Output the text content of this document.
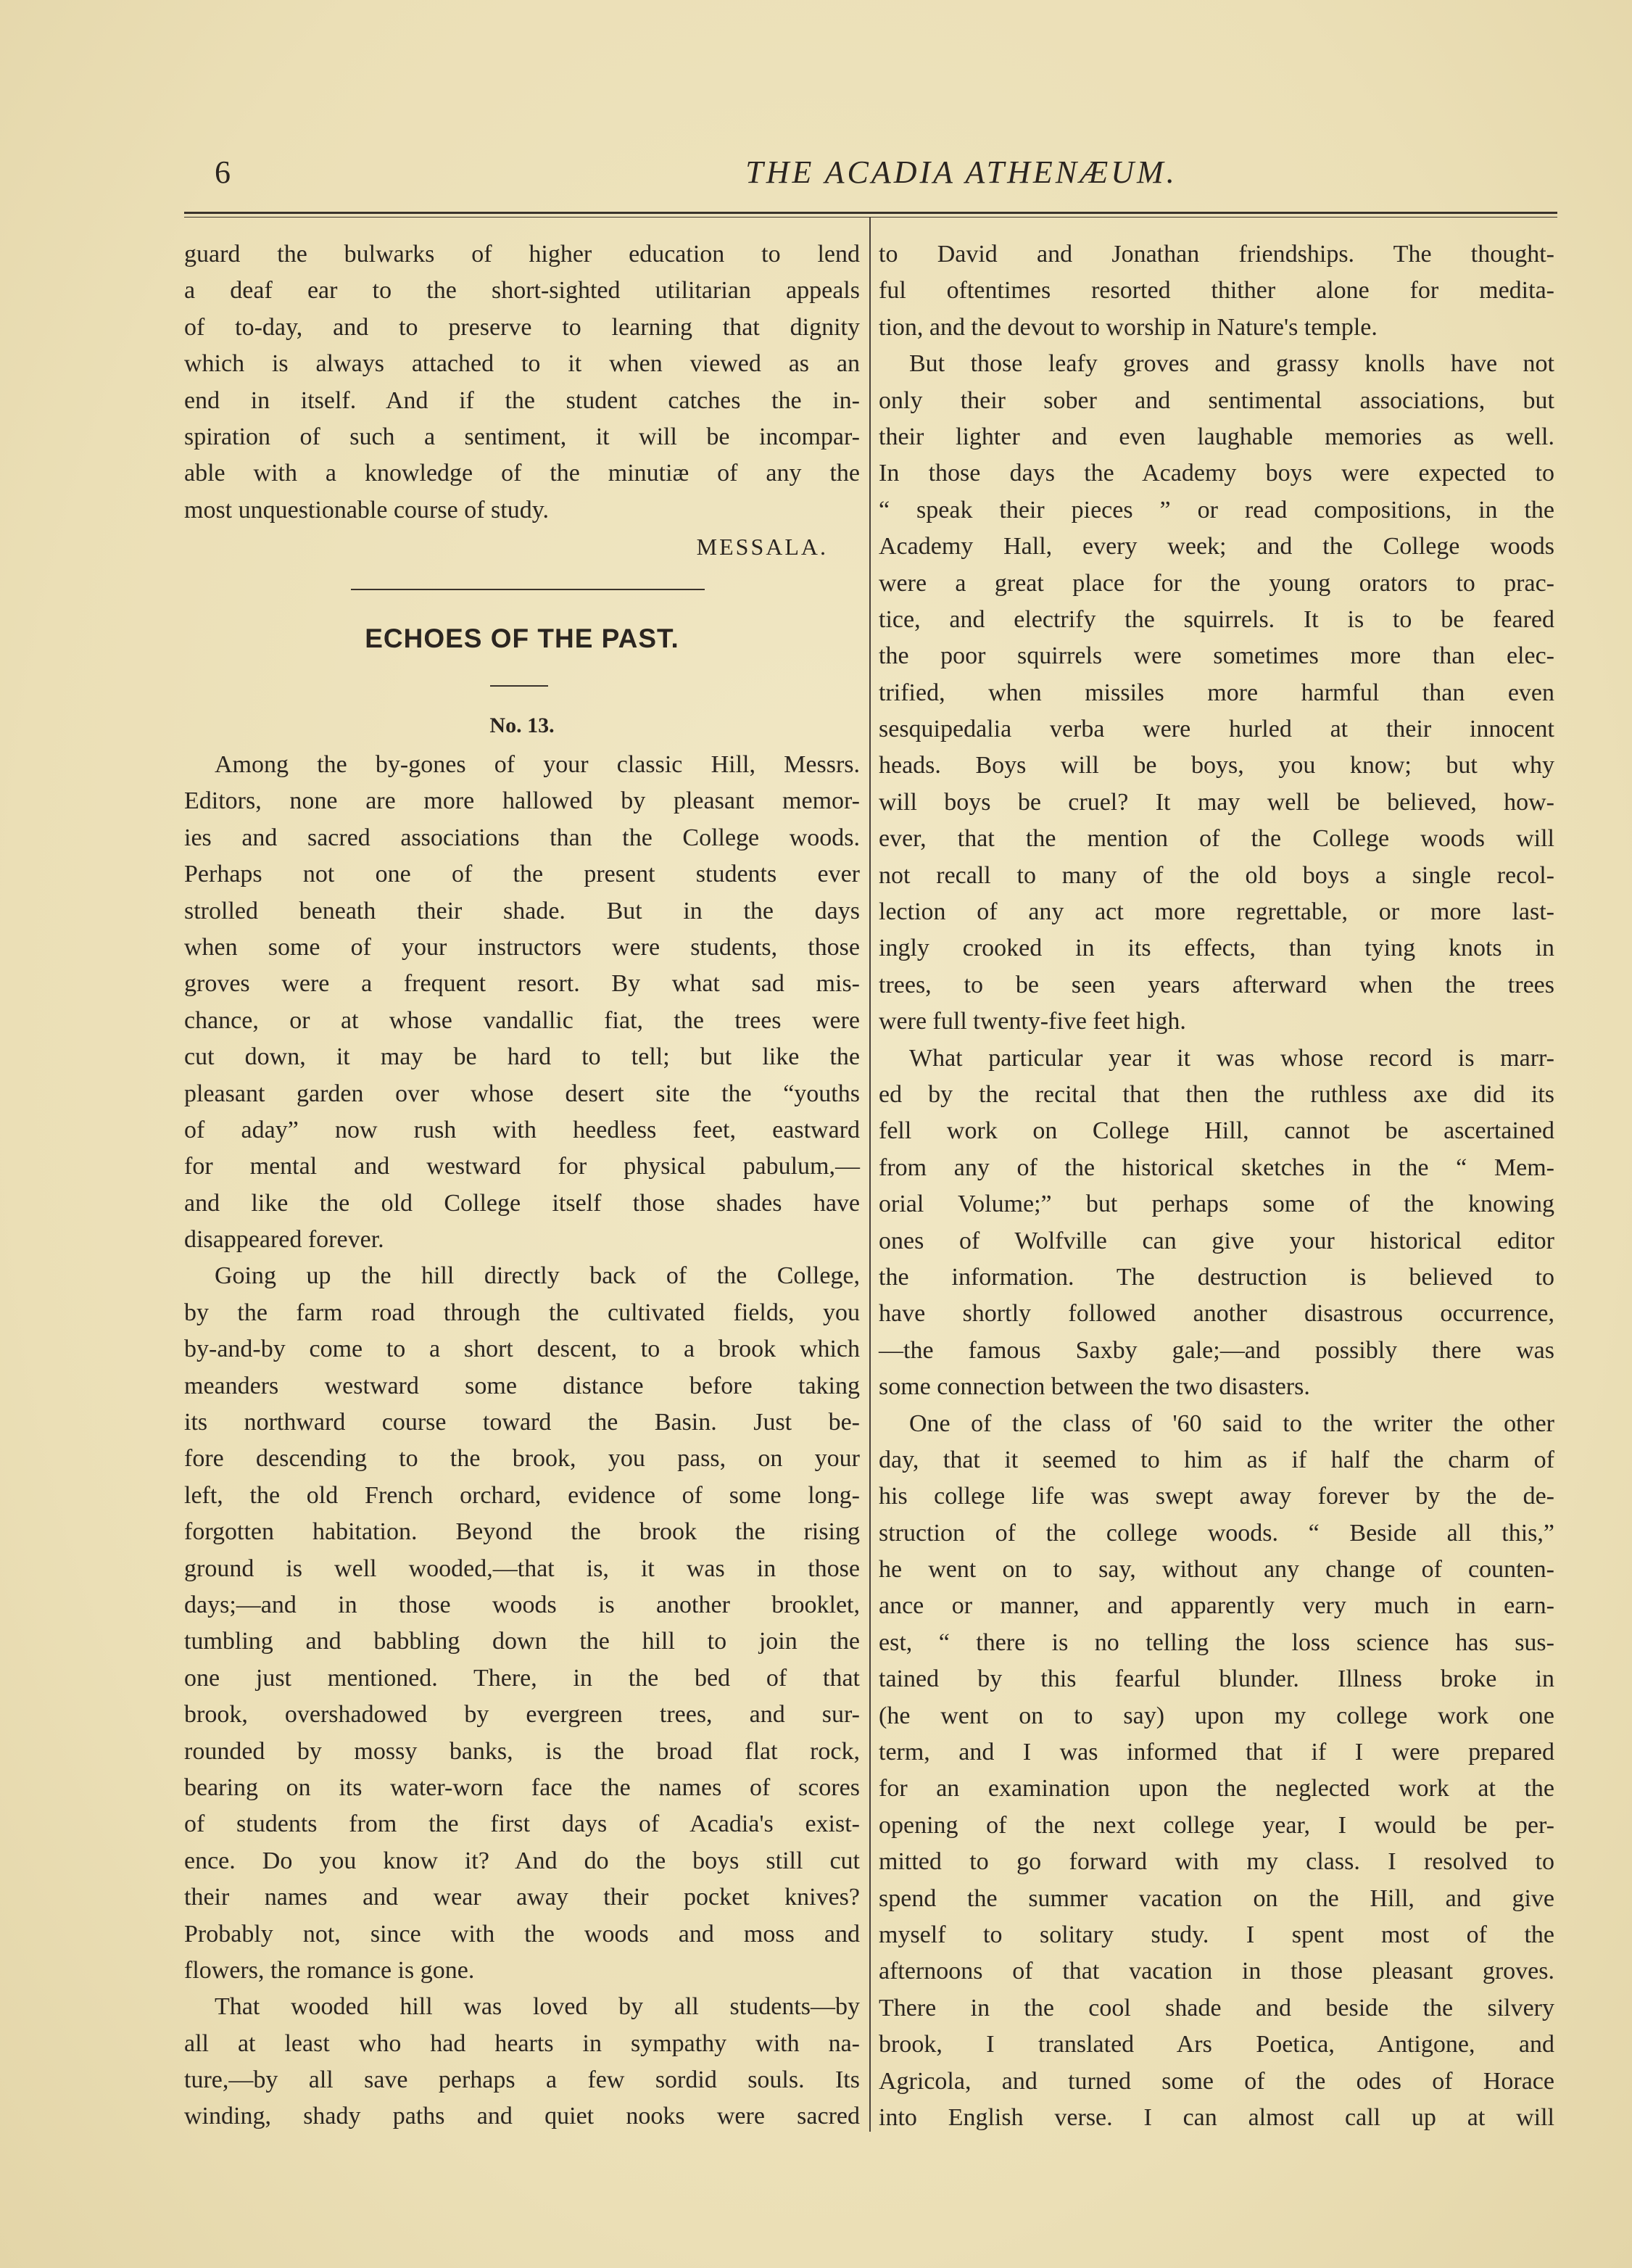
6	THE ACADIA ATHENÆUM.
guard the bulwarks of higher education to lend
a deaf ear to the short-sighted utilitarian appeals
of to-day, and to preserve to learning that dignity
which is always attached to it when viewed as an
end in itself. And if the student catches the in-
spiration of such a sentiment, it will be incompar-
able with a knowledge of the minutiæ of any the
most unquestionable course of study.
MESSALA.
ECHOES OF THE PAST.
No. 13.
Among the by-gones of your classic Hill, Messrs.
Editors, none are more hallowed by pleasant memor-
ies and sacred associations than the College woods.
Perhaps not one of the present students ever
strolled beneath their shade. But in the days
when some of your instructors were students, those
groves were a frequent resort. By what sad mis-
chance, or at whose vandallic fiat, the trees were
cut down, it may be hard to tell; but like the
pleasant garden over whose desert site the “youths
of aday” now rush with heedless feet, eastward
for mental and westward for physical pabulum,—
and like the old College itself those shades have
disappeared forever.
Going up the hill directly back of the College,
by the farm road through the cultivated fields, you
by-and-by come to a short descent, to a brook which
meanders westward some distance before taking
its northward course toward the Basin. Just be-
fore descending to the brook, you pass, on your
left, the old French orchard, evidence of some long-
forgotten habitation. Beyond the brook the rising
ground is well wooded,—that is, it was in those
days;—and in those woods is another brooklet,
tumbling and babbling down the hill to join the
one just mentioned. There, in the bed of that
brook, overshadowed by evergreen trees, and sur-
rounded by mossy banks, is the broad flat rock,
bearing on its water-worn face the names of scores
of students from the first days of Acadia's exist-
ence. Do you know it? And do the boys still cut
their names and wear away their pocket knives?
Probably not, since with the woods and moss and
flowers, the romance is gone.
That wooded hill was loved by all students—by
all at least who had hearts in sympathy with na-
ture,—by all save perhaps a few sordid souls. Its
winding, shady paths and quiet nooks were sacred
to David and Jonathan friendships. The thought-
ful oftentimes resorted thither alone for medita-
tion, and the devout to worship in Nature's temple.
But those leafy groves and grassy knolls have not
only their sober and sentimental associations, but
their lighter and even laughable memories as well.
In those days the Academy boys were expected to
“ speak their pieces ” or read compositions, in the
Academy Hall, every week; and the College woods
were a great place for the young orators to prac-
tice, and electrify the squirrels. It is to be feared
the poor squirrels were sometimes more than elec-
trified, when missiles more harmful than even
sesquipedalia verba were hurled at their innocent
heads. Boys will be boys, you know; but why
will boys be cruel? It may well be believed, how-
ever, that the mention of the College woods will
not recall to many of the old boys a single recol-
lection of any act more regrettable, or more last-
ingly crooked in its effects, than tying knots in
trees, to be seen years afterward when the trees
were full twenty-five feet high.
What particular year it was whose record is marr-
ed by the recital that then the ruthless axe did its
fell work on College Hill, cannot be ascertained
from any of the historical sketches in the “ Mem-
orial Volume;” but perhaps some of the knowing
ones of Wolfville can give your historical editor
the information. The destruction is believed to
have shortly followed another disastrous occurrence,
—the famous Saxby gale;—and possibly there was
some connection between the two disasters.
One of the class of '60 said to the writer the other
day, that it seemed to him as if half the charm of
his college life was swept away forever by the de-
struction of the college woods. “ Beside all this,”
he went on to say, without any change of counten-
ance or manner, and apparently very much in earn-
est, “ there is no telling the loss science has sus-
tained by this fearful blunder. Illness broke in
(he went on to say) upon my college work one
term, and I was informed that if I were prepared
for an examination upon the neglected work at the
opening of the next college year, I would be per-
mitted to go forward with my class. I resolved to
spend the summer vacation on the Hill, and give
myself to solitary study. I spent most of the
afternoons of that vacation in those pleasant groves.
There in the cool shade and beside the silvery
brook, I translated Ars Poetica, Antigone, and
Agricola, and turned some of the odes of Horace
into English verse. I can almost call up at will
